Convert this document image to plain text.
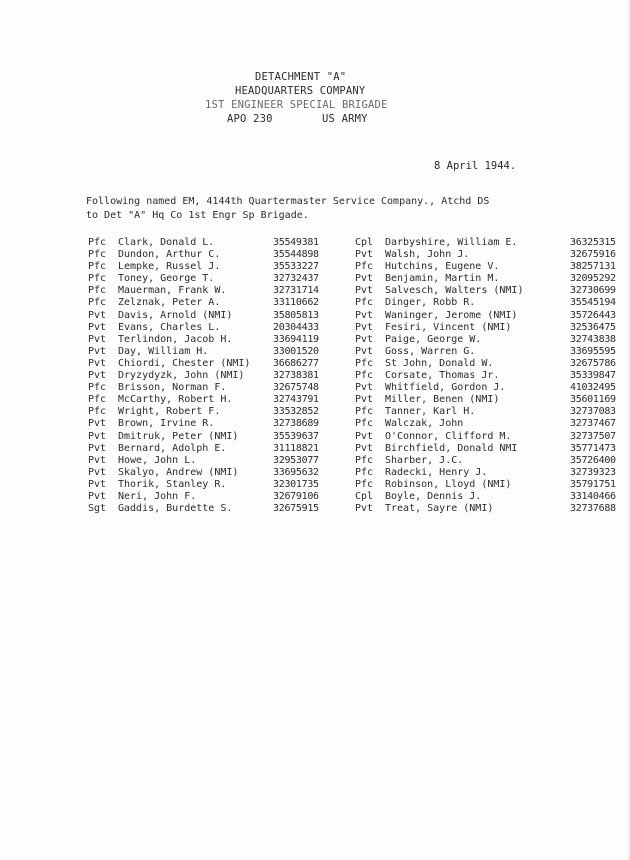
DETACHMENT "A"
HEADQUARTERS COMPANY
1ST ENGINEER SPECIAL BRIGADE
APO 230	US ARMY
8 April 1944.
Following named EM, 4144th Quartermaster Service Company., Atchd DS
to Det "A" Hq Co 1st Engr Sp Brigade.
Pfc	Clark, Donald L.	35549381
Pfc	Dundon, Arthur C.	35544898
Pfc	Lempke, Russel J.	35533227
Pfc	Toney, George T.	32732437
Pfc	Mauerman, Frank W.	32731714
Pfc	Zelznak, Peter A.	33110662
Pvt	Davis, Arnold (NMI)	35805813
Pvt	Evans, Charles L.	20304433
Pvt	Terlindon, Jacob H.	33694119
Pvt	Day, William H.	33001520
Pvt	Chiordi, Chester (NMI)	36686277
Pvt	Dryzydyzk, John (NMI)	32738381
Pfc	Brisson, Norman F.	32675748
Pfc	McCarthy, Robert H.	32743791
Pfc	Wright, Robert F.	33532852
Pvt	Brown, Irvine R.	32738689
Pvt	Dmitruk, Peter (NMI)	35539637
Pvt	Bernard, Adolph E.	31118821
Pvt	Howe, John L.	32953077
Pvt	Skalyo, Andrew (NMI)	33695632
Pvt	Thorik, Stanley R.	32301735
Pvt	Neri, John F.	32679106
Sgt	Gaddis, Burdette S.	32675915
Cpl	Darbyshire, William E.	36325315
Pvt	Walsh, John J.	32675916
Pfc	Hutchins, Eugene V.	38257131
Pvt	Benjamin, Martin M.	32095292
Pvt	Salvesch, Walters (NMI)	32730699
Pfc	Dinger, Robb R.	35545194
Pvt	Waninger, Jerome (NMI)	35726443
Pvt	Fesiri, Vincent (NMI)	32536475
Pvt	Paige, George W.	32743838
Pvt	Goss, Warren G.	33695595
Pfc	St John, Donald W.	32675786
Pfc	Corsate, Thomas Jr.	35339847
Pvt	Whitfield, Gordon J.	41032495
Pvt	Miller, Benen (NMI)	35601169
Pfc	Tanner, Karl H.	32737083
Pfc	Walczak, John	32737467
Pvt	O'Connor, Clifford M.	32737507
Pvt	Birchfield, Donald NMI	35771473
Pfc	Sharber, J.C.	35726400
Pfc	Radecki, Henry J.	32739323
Pfc	Robinson, Lloyd (NMI)	35791751
Cpl	Boyle, Dennis J.	33140466
Pvt	Treat, Sayre (NMI)	32737688
